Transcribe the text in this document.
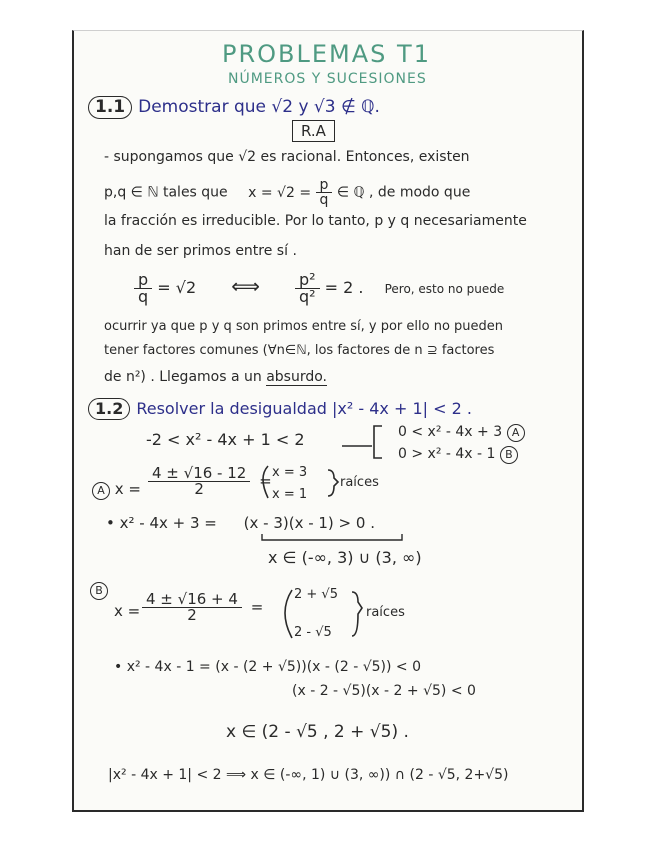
PROBLEMAS T1
NÚMEROS Y SUCESIONES
1.1 Demostrar que √2 y √3 ∉ ℚ.
R.A
- supongamos que √2 es racional. Entonces, existen
p,q ∈ ℕ tales que $x = √2 = \frac{p}{q}$ ∈ ℚ , de modo que
la fracción es irreducible. Por lo tanto, p y q necesariamente
han de ser primos entre sí .
$\frac{p}{q} = √2$ ⟺ $\frac{\text{p²}}{\text{q²}} = 2$ . Pero, esto no puede
ocurrir ya que p y q son primos entre sí, y por ello no pueden
tener factores comunes (∀n∈ℕ, los factores de n ⊇ factores
de n²) . Llegamos a un absurdo.
1.2 Resolver la desigualdad |x² - 4x + 1| < 2 .
-2 < x² - 4x + 1 < 2	0 < x² - 4x + 3 A
0 > x² - 4x - 1 B
A $x = \frac{4 \pm √16 - 12}{2} = x = 3$
x = 1
raíces
• x² - 4x + 3 = (x - 3)(x - 1) > 0 .
x ∈ (-∞, 3) ∪ (3, ∞)
B
$x = \frac{4 \pm √16 + 4}{2}$ =
2 + √5
2 - √5
raíces
• x² - 4x - 1 = (x - (2 + √5))(x - (2 - √5)) < 0
(x - 2 - √5)(x - 2 + √5) < 0
x ∈ (2 - √5 , 2 + √5) .
|x² - 4x + 1| < 2 ⟹ x ∈ (-∞, 1) ∪ (3, ∞)) ∩ (2 - √5, 2+√5)
